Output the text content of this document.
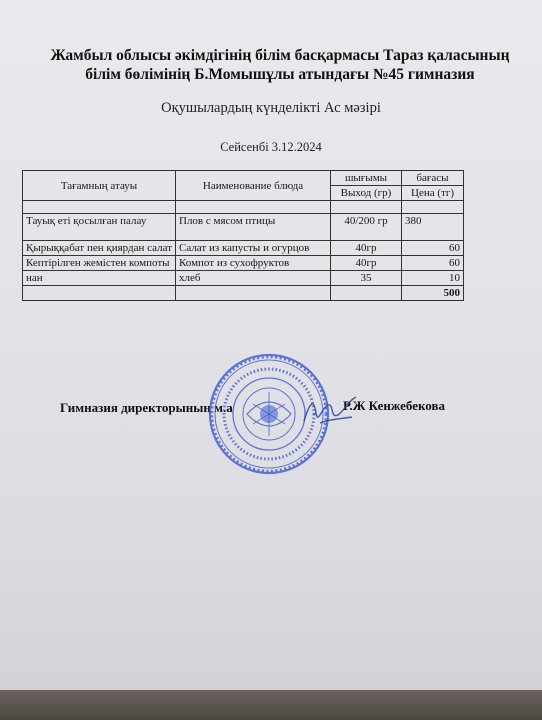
Жамбыл облысы әкімдігінің білім басқармасы Тараз қаласының
білім бөлімінің Б.Момышұлы атындағы №45 гимназия
Оқушылардың күнделікті Ас мәзірі
Сейсенбі 3.12.2024
Тағамның атауы	Наименование блюда	шығымы	бағасы
		Выход (гр)	Цена (тг)

Тауық еті қосылған палау	Плов с мясом птицы	40/200 гр	380
Қырыққабат пен қиярдан салат	Салат из капусты и огурцов	40гр	60
Кептірілген жемістен компоты	Компот из сухофруктов	40гр	60
нан	хлеб	35	10
			500
Гимназия директорының м.а	Р.Ж Кенжебекова
